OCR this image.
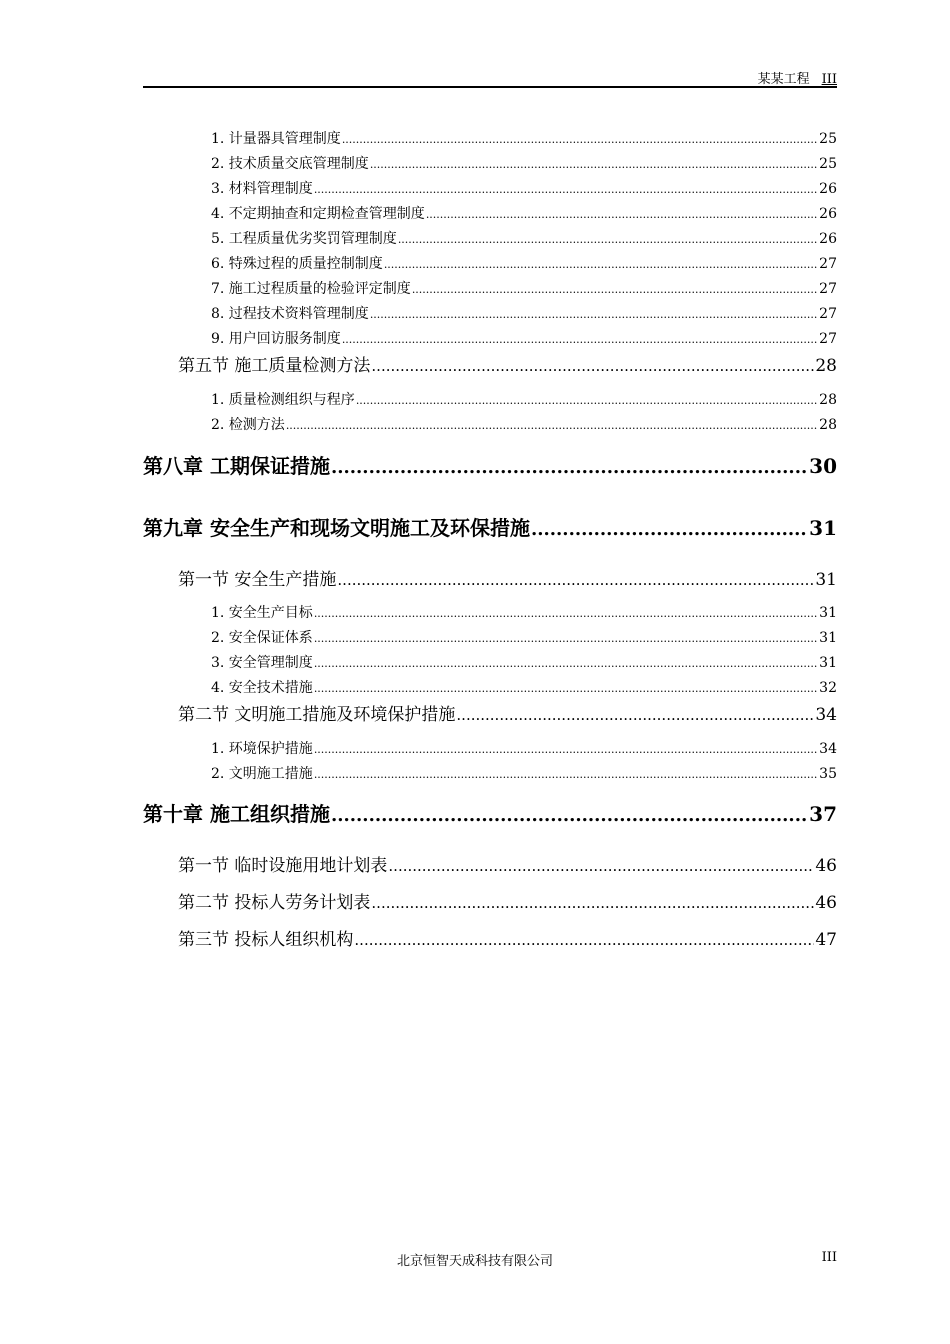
某某工程 III
1. 计量器具管理制度 .....	25
2. 技术质量交底管理制度 .....	25
3. 材料管理制度 .....	26
4. 不定期抽查和定期检查管理制度 .....	26
5. 工程质量优劣奖罚管理制度 .....	26
6. 特殊过程的质量控制制度 .....	27
7. 施工过程质量的检验评定制度 .....	27
8. 过程技术资料管理制度 .....	27
9. 用户回访服务制度 .....	27
第五节 施工质量检测方法 .....	28
1. 质量检测组织与程序 .....	28
2. 检测方法 .....	28
第八章 工期保证措施 .....	30
第九章 安全生产和现场文明施工及环保措施 .....	31
第一节 安全生产措施 .....	31
1. 安全生产目标 .....	31
2. 安全保证体系 .....	31
3. 安全管理制度 .....	31
4. 安全技术措施 .....	32
第二节 文明施工措施及环境保护措施 .....	34
1. 环境保护措施 .....	34
2. 文明施工措施 .....	35
第十章 施工组织措施 .....	37
第一节 临时设施用地计划表 .....	46
第二节 投标人劳务计划表 .....	46
第三节 投标人组织机构 .....	47
北京恒智天成科技有限公司	III
